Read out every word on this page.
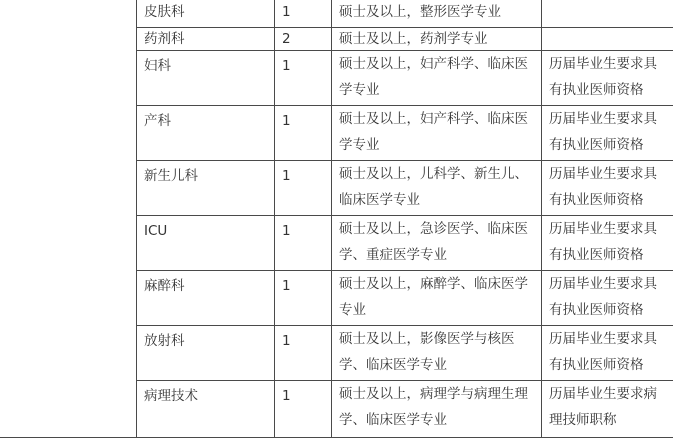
	皮肤科	1	硕士及以上，整形医学专业	
	药剂科	2	硕士及以上，药剂学专业	
	妇科	1	硕士及以上，妇产科学、临床医学专业	历届毕业生要求具有执业医师资格
	产科	1	硕士及以上，妇产科学、临床医学专业	历届毕业生要求具有执业医师资格
	新生儿科	1	硕士及以上，儿科学、新生儿、临床医学专业	历届毕业生要求具有执业医师资格
	ICU	1	硕士及以上，急诊医学、临床医学、重症医学专业	历届毕业生要求具有执业医师资格
	麻醉科	1	硕士及以上，麻醉学、临床医学专业	历届毕业生要求具有执业医师资格
	放射科	1	硕士及以上，影像医学与核医学、临床医学专业	历届毕业生要求具有执业医师资格
	病理技术	1	硕士及以上，病理学与病理生理学、临床医学专业	历届毕业生要求病理技师职称
